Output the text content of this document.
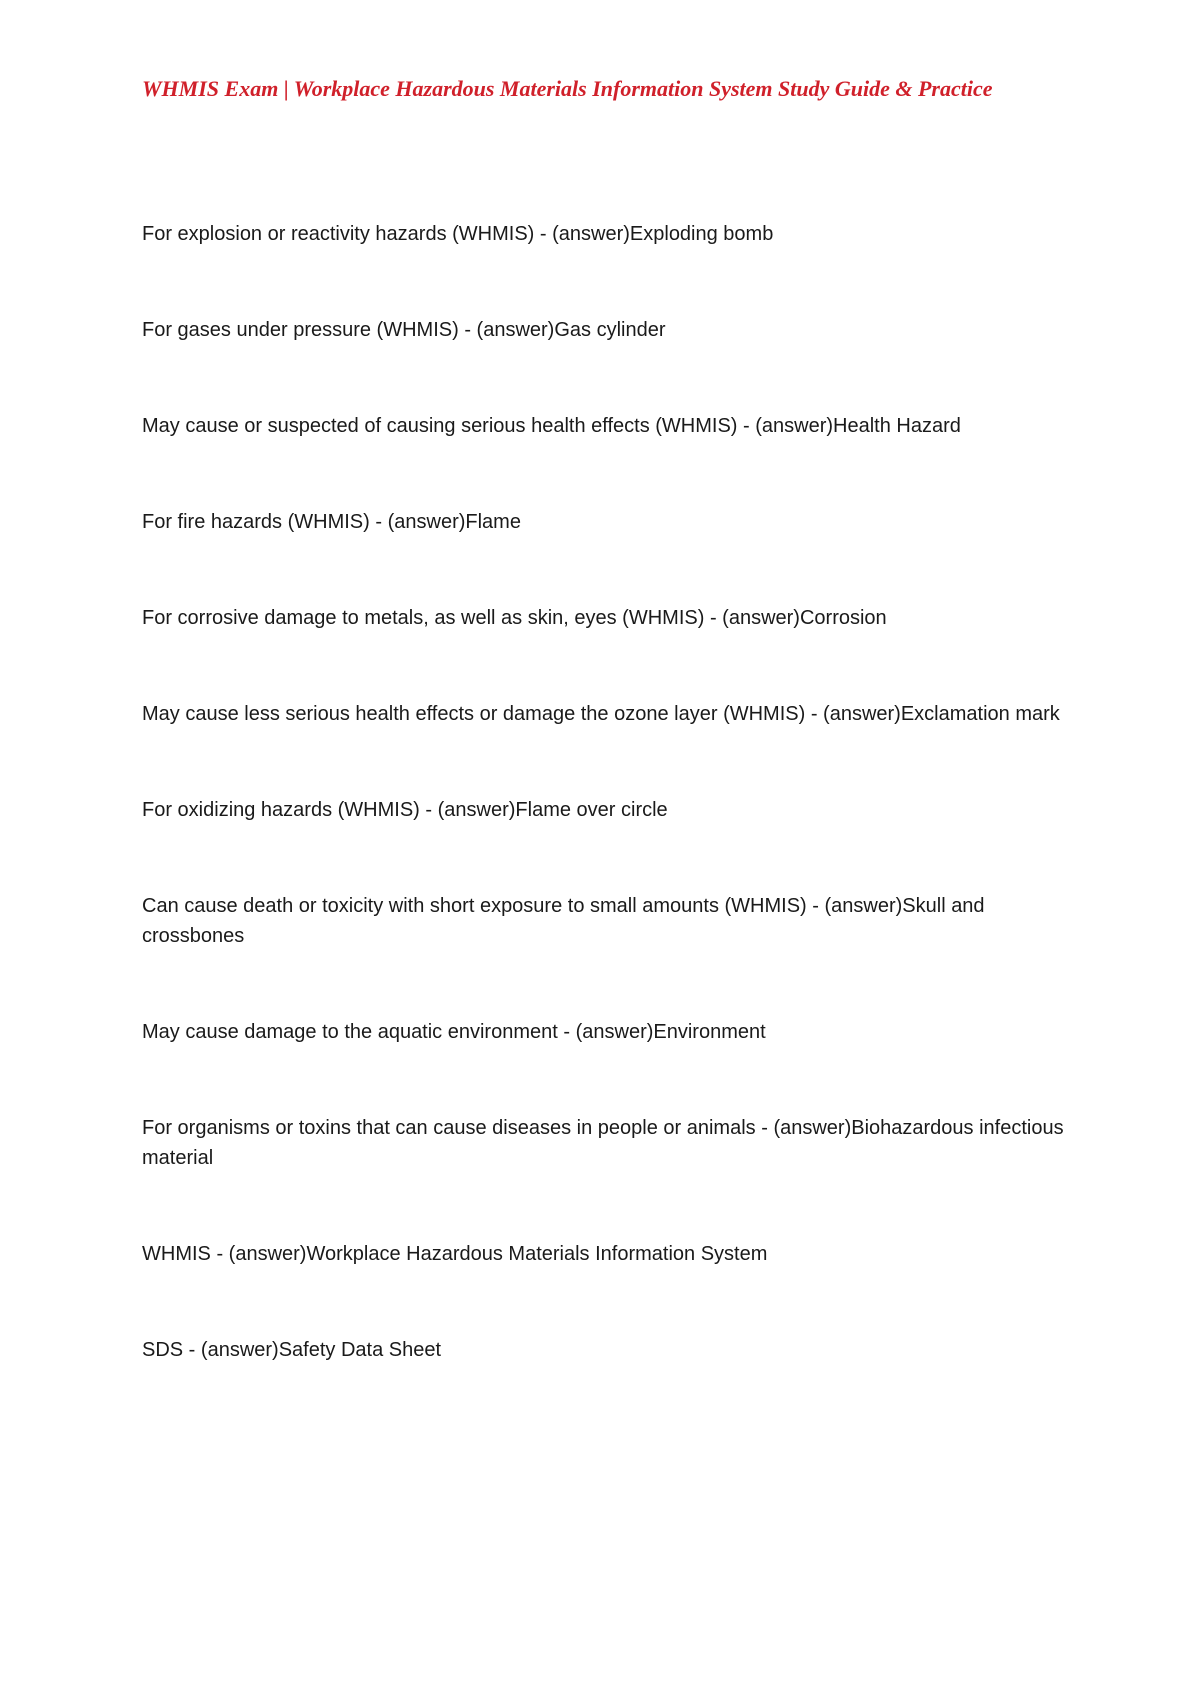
WHMIS Exam | Workplace Hazardous Materials Information System Study Guide & Practice

For explosion or reactivity hazards (WHMIS) - (answer)Exploding bomb

For gases under pressure (WHMIS) - (answer)Gas cylinder

May cause or suspected of causing serious health effects (WHMIS) - (answer)Health Hazard

For fire hazards (WHMIS) - (answer)Flame

For corrosive damage to metals, as well as skin, eyes (WHMIS) - (answer)Corrosion

May cause less serious health effects or damage the ozone layer (WHMIS) - (answer)Exclamation mark

For oxidizing hazards (WHMIS) - (answer)Flame over circle

Can cause death or toxicity with short exposure to small amounts (WHMIS) - (answer)Skull and crossbones

May cause damage to the aquatic environment - (answer)Environment

For organisms or toxins that can cause diseases in people or animals - (answer)Biohazardous infectious material

WHMIS - (answer)Workplace Hazardous Materials Information System

SDS - (answer)Safety Data Sheet
